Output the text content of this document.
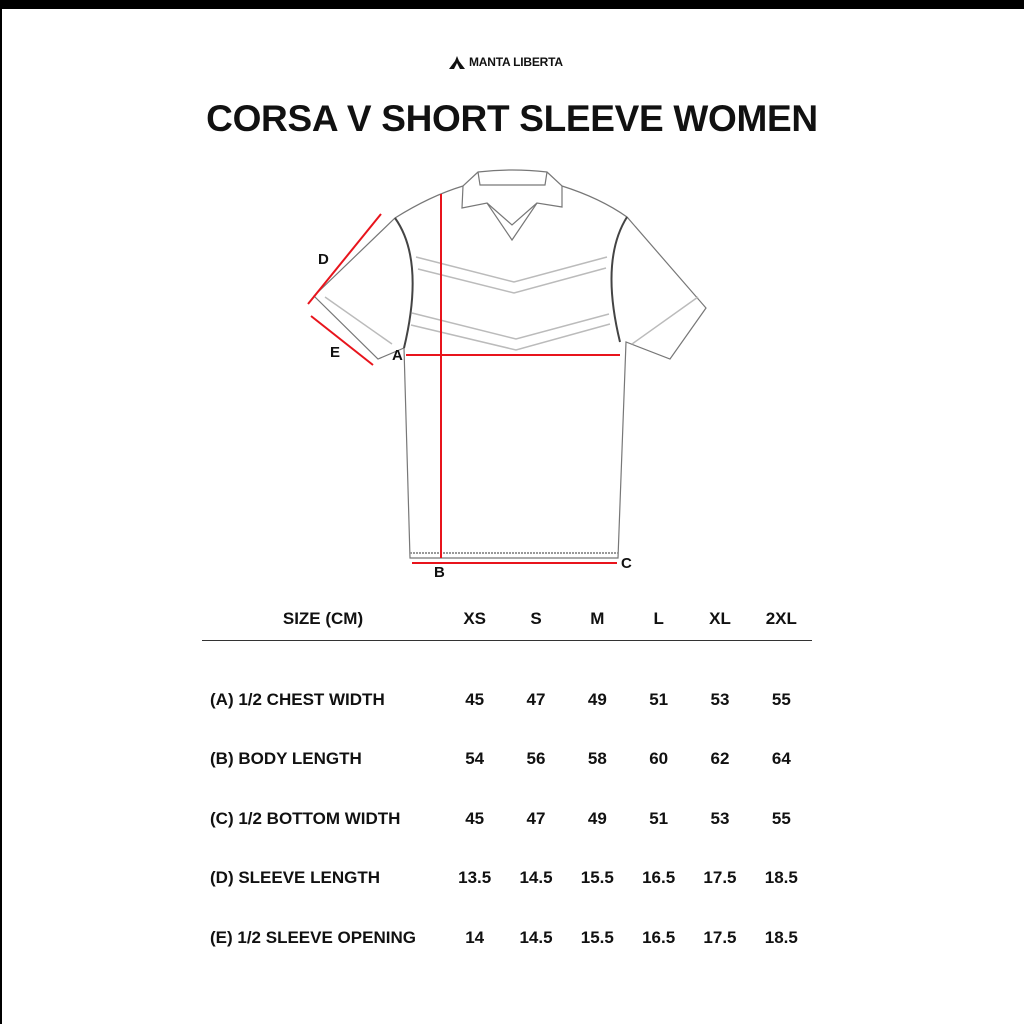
MANTA LIBERTA
CORSA V SHORT SLEEVE WOMEN
A
B
C
D
E
SIZE (CM)	XS	S	M	L	XL	2XL
(A) 1/2 CHEST WIDTH	45	47	49	51	53	55
(B) BODY LENGTH	54	56	58	60	62	64
(C) 1/2 BOTTOM WIDTH	45	47	49	51	53	55
(D) SLEEVE LENGTH	13.5	14.5	15.5	16.5	17.5	18.5
(E) 1/2 SLEEVE OPENING	14	14.5	15.5	16.5	17.5	18.5
